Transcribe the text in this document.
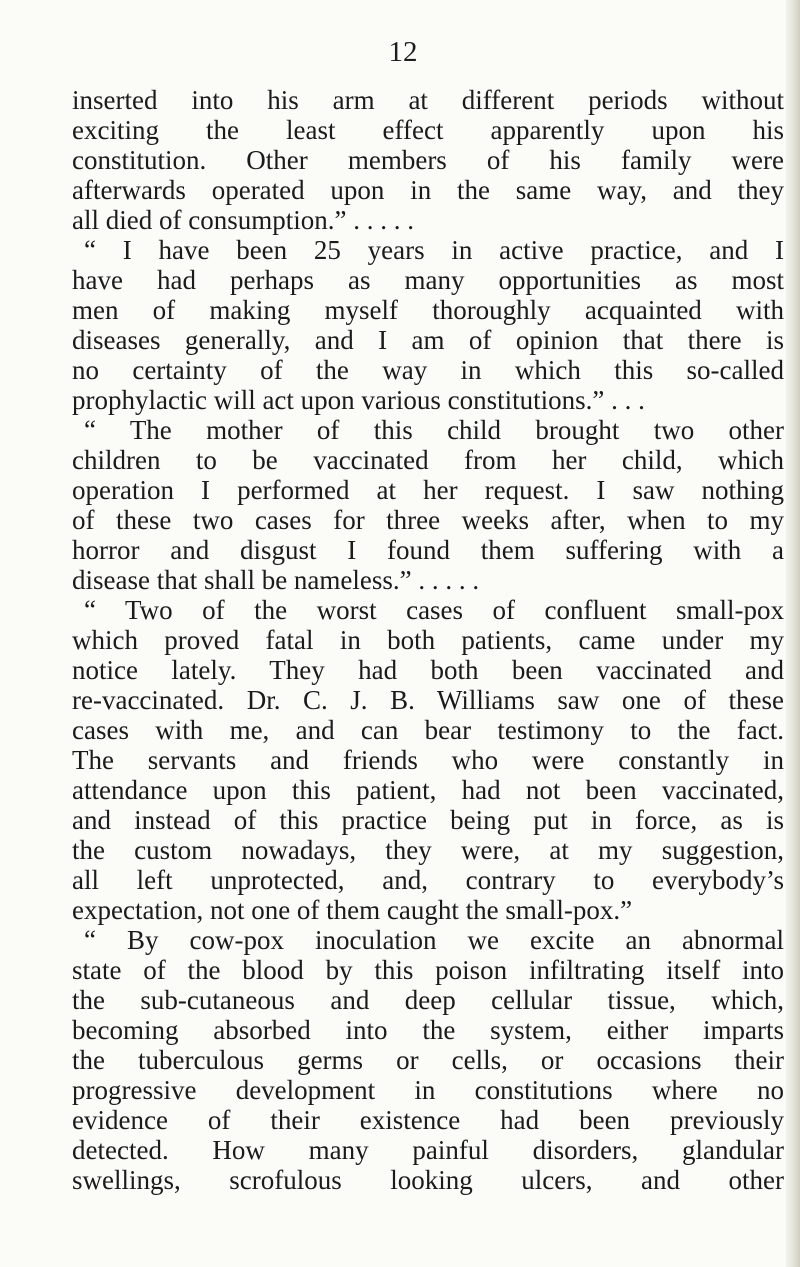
12
inserted into his arm at different periods without
exciting the least effect apparently upon his
constitution. Other members of his family were
afterwards operated upon in the same way, and they
all died of consumption.” . . . . .
“ I have been 25 years in active practice, and I
have had perhaps as many opportunities as most
men of making myself thoroughly acquainted with
diseases generally, and I am of opinion that there is
no certainty of the way in which this so-called
prophylactic will act upon various constitutions.” . . .
“ The mother of this child brought two other
children to be vaccinated from her child, which
operation I performed at her request. I saw nothing
of these two cases for three weeks after, when to my
horror and disgust I found them suffering with a
disease that shall be nameless.” . . . . .
“ Two of the worst cases of confluent small-pox
which proved fatal in both patients, came under my
notice lately. They had both been vaccinated and
re-vaccinated. Dr. C. J. B. Williams saw one of these
cases with me, and can bear testimony to the fact.
The servants and friends who were constantly in
attendance upon this patient, had not been vaccinated,
and instead of this practice being put in force, as is
the custom nowadays, they were, at my suggestion,
all left unprotected, and, contrary to everybody’s
expectation, not one of them caught the small-pox.”
“ By cow-pox inoculation we excite an abnormal
state of the blood by this poison infiltrating itself into
the sub-cutaneous and deep cellular tissue, which,
becoming absorbed into the system, either imparts
the tuberculous germs or cells, or occasions their
progressive development in constitutions where no
evidence of their existence had been previously
detected. How many painful disorders, glandular
swellings, scrofulous looking ulcers, and other
